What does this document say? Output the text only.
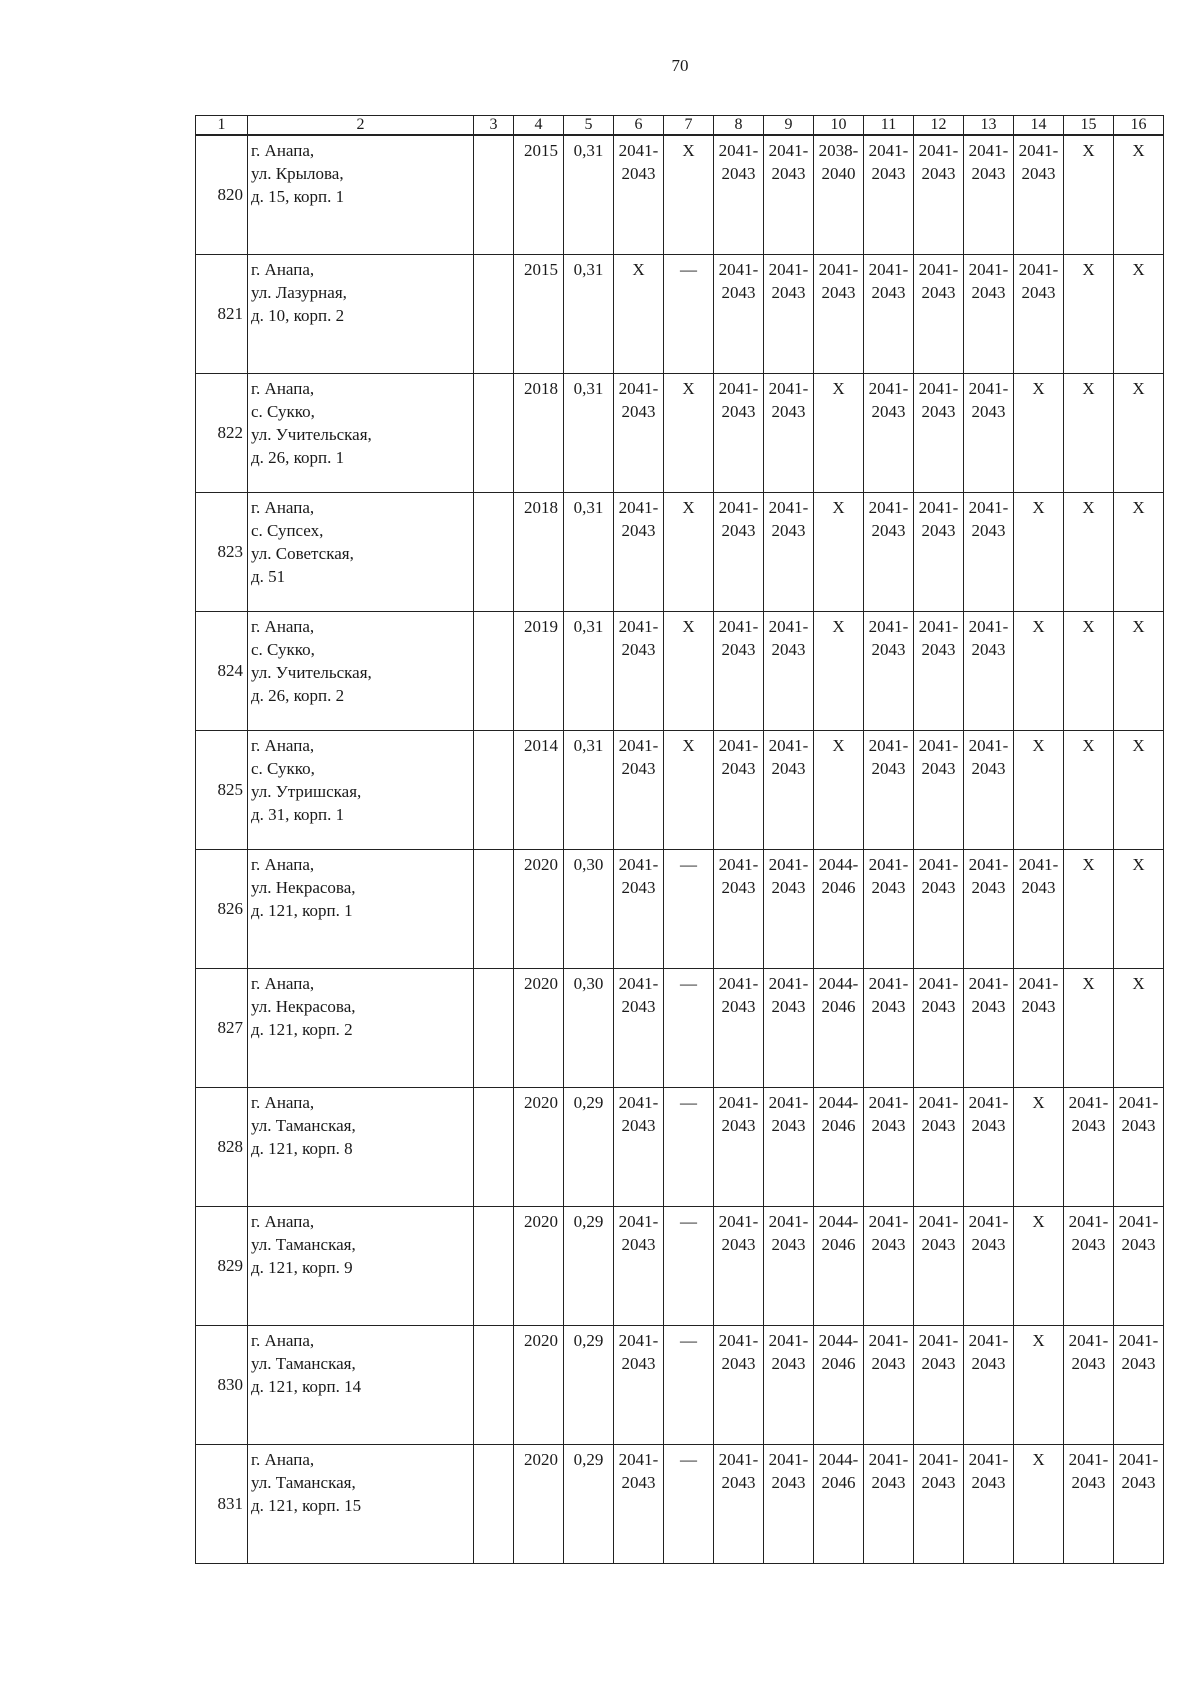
70
1	2	3	4	5	6	7	8	9	10	11	12	13	14	15	16
820	г. Анапа,
ул. Крылова,
д. 15, корп. 1		2015	0,31	2041-
2043	X	2041-
2043	2041-
2043	2038-
2040	2041-
2043	2041-
2043	2041-
2043	2041-
2043	X	X
821	г. Анапа,
ул. Лазурная,
д. 10, корп. 2		2015	0,31	X	—	2041-
2043	2041-
2043	2041-
2043	2041-
2043	2041-
2043	2041-
2043	2041-
2043	X	X
822	г. Анапа,
с. Сукко,
ул. Учительская,
д. 26, корп. 1		2018	0,31	2041-
2043	X	2041-
2043	2041-
2043	X	2041-
2043	2041-
2043	2041-
2043	X	X	X
823	г. Анапа,
с. Супсех,
ул. Советская,
д. 51		2018	0,31	2041-
2043	X	2041-
2043	2041-
2043	X	2041-
2043	2041-
2043	2041-
2043	X	X	X
824	г. Анапа,
с. Сукко,
ул. Учительская,
д. 26, корп. 2		2019	0,31	2041-
2043	X	2041-
2043	2041-
2043	X	2041-
2043	2041-
2043	2041-
2043	X	X	X
825	г. Анапа,
с. Сукко,
ул. Утришская,
д. 31, корп. 1		2014	0,31	2041-
2043	X	2041-
2043	2041-
2043	X	2041-
2043	2041-
2043	2041-
2043	X	X	X
826	г. Анапа,
ул. Некрасова,
д. 121, корп. 1		2020	0,30	2041-
2043	—	2041-
2043	2041-
2043	2044-
2046	2041-
2043	2041-
2043	2041-
2043	2041-
2043	X	X
827	г. Анапа,
ул. Некрасова,
д. 121, корп. 2		2020	0,30	2041-
2043	—	2041-
2043	2041-
2043	2044-
2046	2041-
2043	2041-
2043	2041-
2043	2041-
2043	X	X
828	г. Анапа,
ул. Таманская,
д. 121, корп. 8		2020	0,29	2041-
2043	—	2041-
2043	2041-
2043	2044-
2046	2041-
2043	2041-
2043	2041-
2043	X	2041-
2043	2041-
2043
829	г. Анапа,
ул. Таманская,
д. 121, корп. 9		2020	0,29	2041-
2043	—	2041-
2043	2041-
2043	2044-
2046	2041-
2043	2041-
2043	2041-
2043	X	2041-
2043	2041-
2043
830	г. Анапа,
ул. Таманская,
д. 121, корп. 14		2020	0,29	2041-
2043	—	2041-
2043	2041-
2043	2044-
2046	2041-
2043	2041-
2043	2041-
2043	X	2041-
2043	2041-
2043
831	г. Анапа,
ул. Таманская,
д. 121, корп. 15		2020	0,29	2041-
2043	—	2041-
2043	2041-
2043	2044-
2046	2041-
2043	2041-
2043	2041-
2043	X	2041-
2043	2041-
2043
